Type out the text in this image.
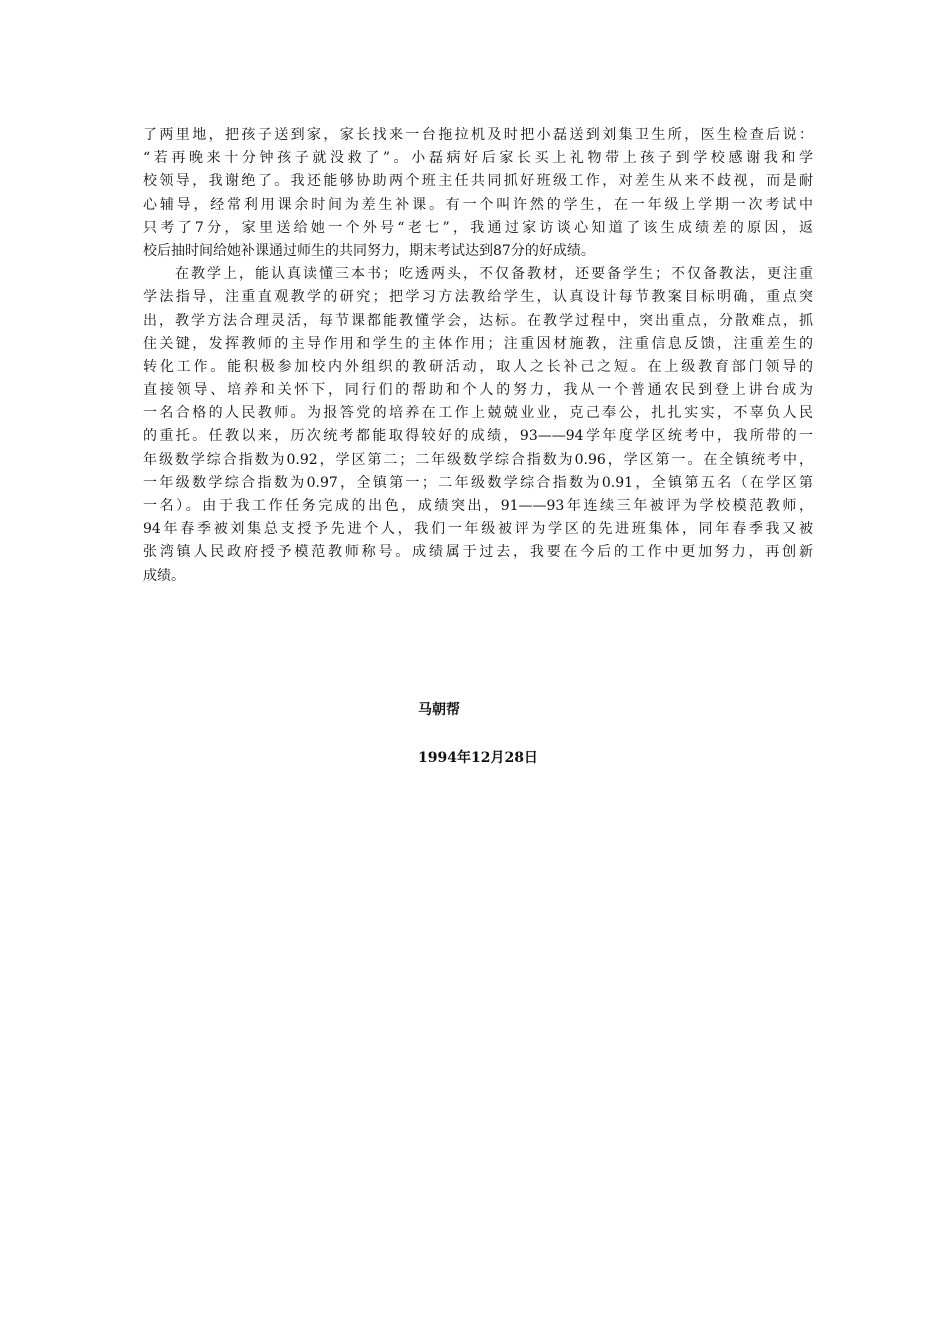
了两里地，把孩子送到家，家长找来一台拖拉机及时把小磊送到刘集卫生所，医生检查后说：
“若再晚来十分钟孩子就没救了”。小磊病好后家长买上礼物带上孩子到学校感谢我和学
校领导，我谢绝了。我还能够协助两个班主任共同抓好班级工作，对差生从来不歧视，而是耐
心辅导，经常利用课余时间为差生补课。有一个叫许然的学生，在一年级上学期一次考试中
只考了7分，家里送给她一个外号“老七”，我通过家访谈心知道了该生成绩差的原因，返
校后抽时间给她补课通过师生的共同努力，期末考试达到87分的好成绩。
　　在教学上，能认真读懂三本书；吃透两头，不仅备教材，还要备学生；不仅备教法，更注重
学法指导，注重直观教学的研究；把学习方法教给学生，认真设计每节教案目标明确，重点突
出，教学方法合理灵活，每节课都能教懂学会，达标。在教学过程中，突出重点，分散难点，抓
住关键，发挥教师的主导作用和学生的主体作用；注重因材施教，注重信息反馈，注重差生的
转化工作。能积极参加校内外组织的教研活动，取人之长补己之短。在上级教育部门领导的
直接领导、培养和关怀下，同行们的帮助和个人的努力，我从一个普通农民到登上讲台成为
一名合格的人民教师。为报答党的培养在工作上兢兢业业，克己奉公，扎扎实实，不辜负人民
的重托。任教以来，历次统考都能取得较好的成绩，93——94学年度学区统考中，我所带的一
年级数学综合指数为0.92，学区第二；二年级数学综合指数为0.96，学区第一。在全镇统考中，
一年级数学综合指数为0.97，全镇第一；二年级数学综合指数为0.91，全镇第五名（在学区第
一名）。由于我工作任务完成的出色，成绩突出，91——93年连续三年被评为学校模范教师，
94年春季被刘集总支授予先进个人，我们一年级被评为学区的先进班集体，同年春季我又被
张湾镇人民政府授予模范教师称号。成绩属于过去，我要在今后的工作中更加努力，再创新
成绩。
马朝帮
1994年12月28日
